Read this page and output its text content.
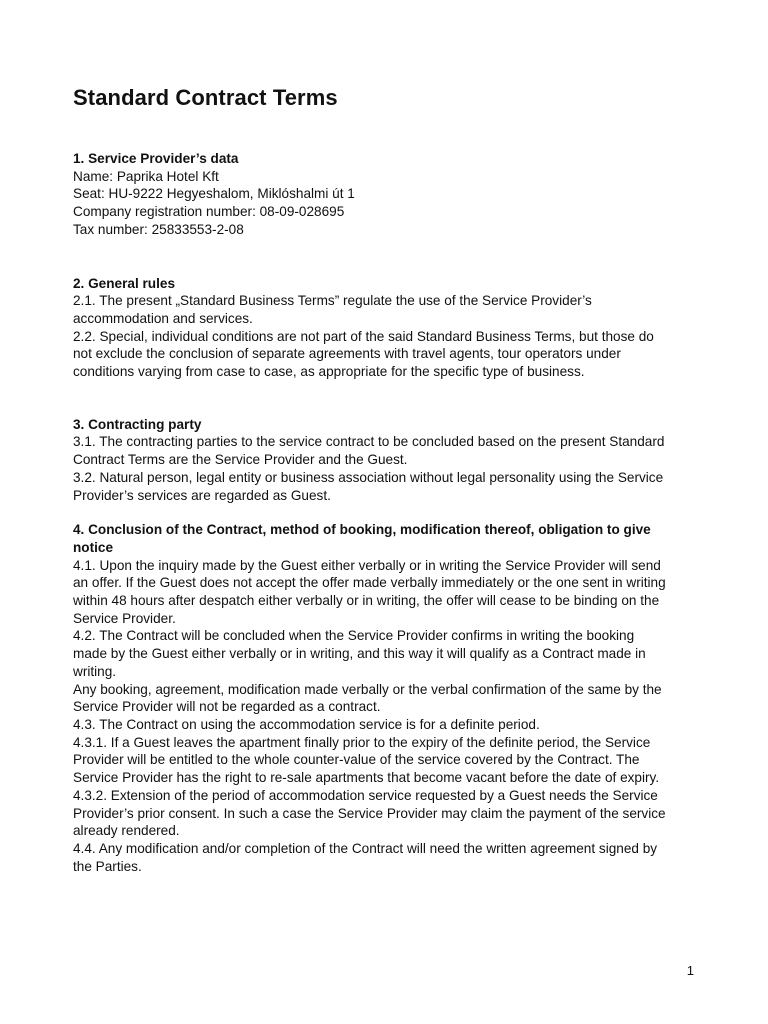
Standard Contract Terms
1. Service Provider’s data
Name: Paprika Hotel Kft
Seat: HU-9222 Hegyeshalom, Miklóshalmi út 1
Company registration number: 08-09-028695
Tax number: 25833553-2-08
2. General rules
2.1. The present „Standard Business Terms” regulate the use of the Service Provider’s
accommodation and services.
2.2. Special, individual conditions are not part of the said Standard Business Terms, but those do
not exclude the conclusion of separate agreements with travel agents, tour operators under
conditions varying from case to case, as appropriate for the specific type of business.
3. Contracting party
3.1. The contracting parties to the service contract to be concluded based on the present Standard
Contract Terms are the Service Provider and the Guest.
3.2. Natural person, legal entity or business association without legal personality using the Service
Provider’s services are regarded as Guest.
4. Conclusion of the Contract, method of booking, modification thereof, obligation to give
notice
4.1. Upon the inquiry made by the Guest either verbally or in writing the Service Provider will send
an offer. If the Guest does not accept the offer made verbally immediately or the one sent in writing
within 48 hours after despatch either verbally or in writing, the offer will cease to be binding on the
Service Provider.
4.2. The Contract will be concluded when the Service Provider confirms in writing the booking
made by the Guest either verbally or in writing, and this way it will qualify as a Contract made in
writing.
Any booking, agreement, modification made verbally or the verbal confirmation of the same by the
Service Provider will not be regarded as a contract.
4.3. The Contract on using the accommodation service is for a definite period.
4.3.1. If a Guest leaves the apartment finally prior to the expiry of the definite period, the Service
Provider will be entitled to the whole counter-value of the service covered by the Contract. The
Service Provider has the right to re-sale apartments that become vacant before the date of expiry.
4.3.2. Extension of the period of accommodation service requested by a Guest needs the Service
Provider’s prior consent. In such a case the Service Provider may claim the payment of the service
already rendered.
4.4. Any modification and/or completion of the Contract will need the written agreement signed by
the Parties.
1
